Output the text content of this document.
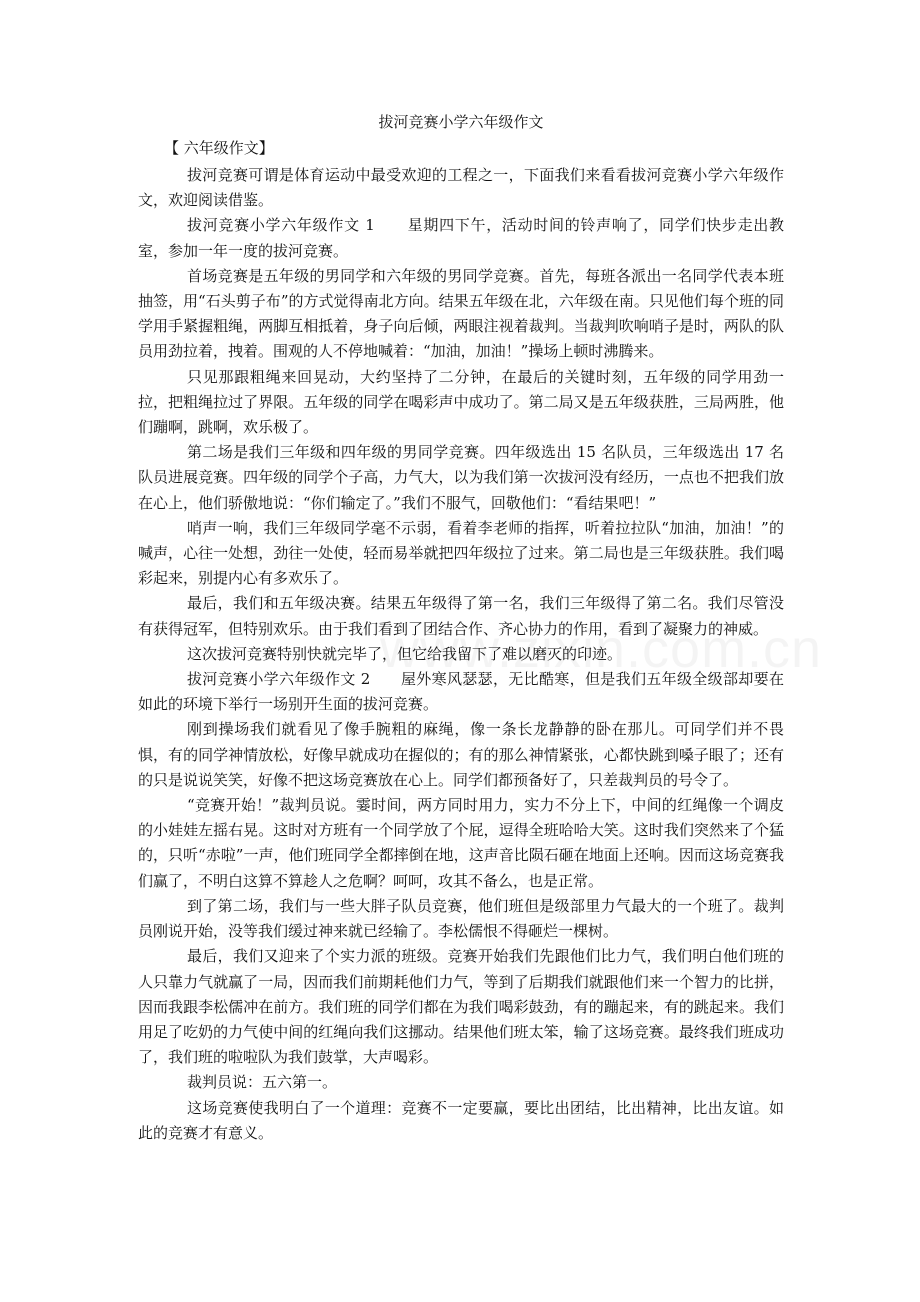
拔河竞赛小学六年级作文
【 六年级作文】

拔河竞赛可谓是体育运动中最受欢迎的工程之一，下面我们来看看拔河竞赛小学六年级作文，欢迎阅读借鉴。

拔河竞赛小学六年级作文 1      星期四下午，活动时间的铃声响了，同学们快步走出教室，参加一年一度的拔河竞赛。

首场竞赛是五年级的男同学和六年级的男同学竞赛。首先，每班各派出一名同学代表本班抽签，用“石头剪子布”的方式觉得南北方向。结果五年级在北，六年级在南。只见他们每个班的同学用手紧握粗绳，两脚互相抵着，身子向后倾，两眼注视着裁判。当裁判吹响哨子是时，两队的队员用劲拉着，拽着。围观的人不停地喊着：“加油，加油！”操场上顿时沸腾来。

只见那跟粗绳来回晃动，大约坚持了二分钟，在最后的关键时刻，五年级的同学用劲一拉，把粗绳拉过了界限。五年级的同学在喝彩声中成功了。第二局又是五年级获胜，三局两胜，他们蹦啊，跳啊，欢乐极了。

第二场是我们三年级和四年级的男同学竞赛。四年级选出 15 名队员，三年级选出 17 名队员进展竞赛。四年级的同学个子高，力气大，以为我们第一次拔河没有经历，一点也不把我们放在心上，他们骄傲地说：“你们输定了。”我们不服气，回敬他们：“看结果吧！”

哨声一响，我们三年级同学毫不示弱，看着李老师的指挥，听着拉拉队“加油，加油！”的喊声，心往一处想，劲往一处使，轻而易举就把四年级拉了过来。第二局也是三年级获胜。我们喝彩起来，别提内心有多欢乐了。

最后，我们和五年级决赛。结果五年级得了第一名，我们三年级得了第二名。我们尽管没有获得冠军，但特别欢乐。由于我们看到了团结合作、齐心协力的作用，看到了凝聚力的神威。

这次拔河竞赛特别快就完毕了，但它给我留下了难以磨灭的印迹。

拔河竞赛小学六年级作文 2      屋外寒风瑟瑟，无比酷寒，但是我们五年级全级部却要在如此的环境下举行一场别开生面的拔河竞赛。

刚到操场我们就看见了像手腕粗的麻绳，像一条长龙静静的卧在那儿。可同学们并不畏惧，有的同学神情放松，好像早就成功在握似的；有的那么神情紧张，心都快跳到嗓子眼了；还有的只是说说笑笑，好像不把这场竞赛放在心上。同学们都预备好了，只差裁判员的号令了。

“竞赛开始！”裁判员说。霎时间，两方同时用力，实力不分上下，中间的红绳像一个调皮的小娃娃左摇右晃。这时对方班有一个同学放了个屁，逗得全班哈哈大笑。这时我们突然来了个猛的，只听“赤啦”一声，他们班同学全都摔倒在地，这声音比陨石砸在地面上还响。因而这场竞赛我们赢了，不明白这算不算趁人之危啊？呵呵，攻其不备么，也是正常。

到了第二场，我们与一些大胖子队员竞赛，他们班但是级部里力气最大的一个班了。裁判员刚说开始，没等我们缓过神来就已经输了。李松儒恨不得砸烂一棵树。

最后，我们又迎来了个实力派的班级。竞赛开始我们先跟他们比力气，我们明白他们班的人只靠力气就赢了一局，因而我们前期耗他们力气，等到了后期我们就跟他们来一个智力的比拼，因而我跟李松儒冲在前方。我们班的同学们都在为我们喝彩鼓劲，有的蹦起来，有的跳起来。我们用足了吃奶的力气使中间的红绳向我们这挪动。结果他们班太笨，输了这场竞赛。最终我们班成功了，我们班的啦啦队为我们鼓掌，大声喝彩。

裁判员说：五六第一。

这场竞赛使我明白了一个道理：竞赛不一定要赢，要比出团结，比出精神，比出友谊。如此的竞赛才有意义。
